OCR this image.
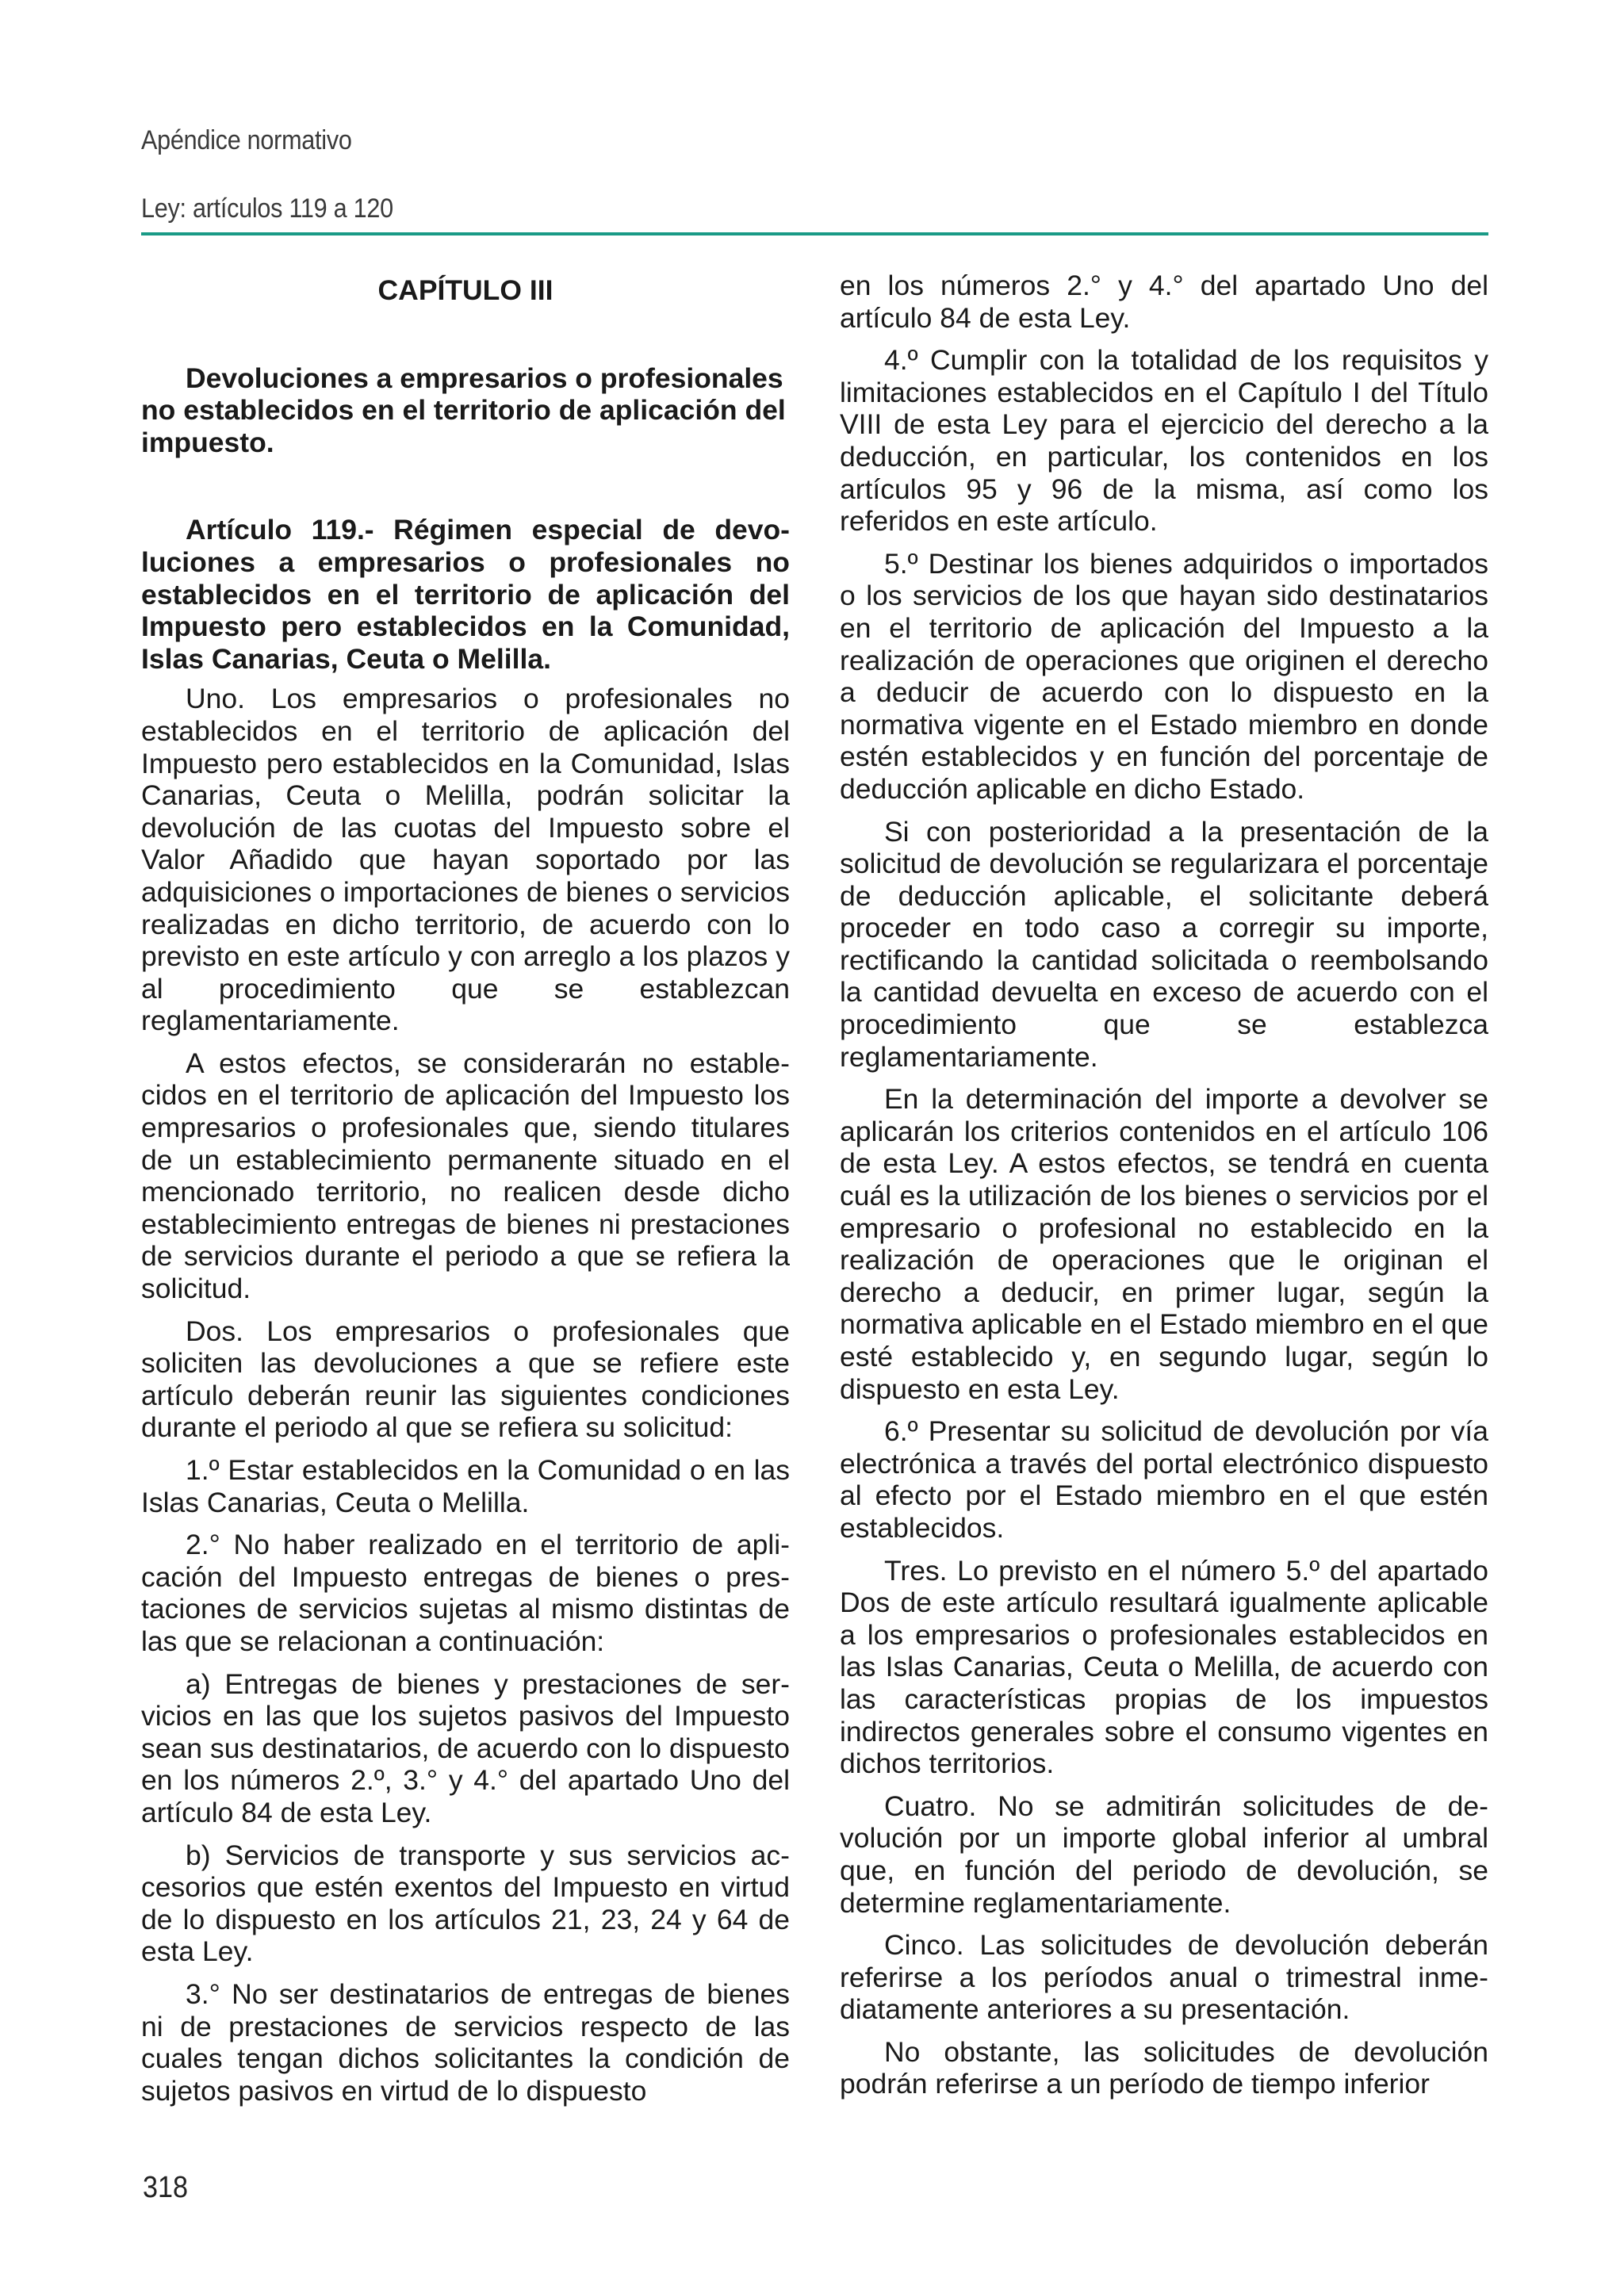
Apéndice normativo
Ley: artículos 119 a 120
CAPÍTULO III
Devoluciones a empresarios o profesionales no establecidos en el territorio de aplicación del impuesto.
Artículo 119.- Régimen especial de devoluciones a empresarios o profesionales no establecidos en el territorio de aplicación del Impuesto pero establecidos en la Comunidad, Islas Canarias, Ceuta o Melilla.

Uno. Los empresarios o profesionales no establecidos en el territorio de aplicación del Impuesto pero establecidos en la Comunidad, Islas Canarias, Ceuta o Melilla, podrán solicitar la devolución de las cuotas del Impuesto sobre el Valor Añadido que hayan soportado por las adquisiciones o importaciones de bienes o servicios realizadas en dicho territorio, de acuerdo con lo previsto en este artículo y con arreglo a los plazos y al procedimiento que se establezcan reglamentariamente.

A estos efectos, se considerarán no establecidos en el territorio de aplicación del Impuesto los empresarios o profesionales que, siendo titulares de un establecimiento permanente situado en el mencionado territorio, no realicen desde dicho establecimiento entregas de bienes ni prestaciones de servicios durante el periodo a que se refiera la solicitud.

Dos. Los empresarios o profesionales que soliciten las devoluciones a que se refiere este artículo deberán reunir las siguientes condiciones durante el periodo al que se refiera su solicitud:

1.º Estar establecidos en la Comunidad o en las Islas Canarias, Ceuta o Melilla.

2.° No haber realizado en el territorio de aplicación del Impuesto entregas de bienes o prestaciones de servicios sujetas al mismo distintas de las que se relacionan a continuación:

a) Entregas de bienes y prestaciones de servicios en las que los sujetos pasivos del Impuesto sean sus destinatarios, de acuerdo con lo dispuesto en los números 2.º, 3.° y 4.° del apartado Uno del artículo 84 de esta Ley.

b) Servicios de transporte y sus servicios accesorios que estén exentos del Impuesto en virtud de lo dispuesto en los artículos 21, 23, 24 y 64 de esta Ley.

3.° No ser destinatarios de entregas de bienes ni de prestaciones de servicios respecto de las cuales tengan dichos solicitantes la condición de sujetos pasivos en virtud de lo dispuesto

en los números 2.° y 4.° del apartado Uno del artículo 84 de esta Ley.

4.º Cumplir con la totalidad de los requisitos y limitaciones establecidos en el Capítulo I del Título VIII de esta Ley para el ejercicio del derecho a la deducción, en particular, los contenidos en los artículos 95 y 96 de la misma, así como los referidos en este artículo.

5.º Destinar los bienes adquiridos o importados o los servicios de los que hayan sido destinatarios en el territorio de aplicación del Impuesto a la realización de operaciones que originen el derecho a deducir de acuerdo con lo dispuesto en la normativa vigente en el Estado miembro en donde estén establecidos y en función del porcentaje de deducción aplicable en dicho Estado.

Si con posterioridad a la presentación de la solicitud de devolución se regularizara el porcentaje de deducción aplicable, el solicitante deberá proceder en todo caso a corregir su importe, rectificando la cantidad solicitada o reembolsando la cantidad devuelta en exceso de acuerdo con el procedimiento que se establezca reglamentariamente.

En la determinación del importe a devolver se aplicarán los criterios contenidos en el artículo 106 de esta Ley. A estos efectos, se tendrá en cuenta cuál es la utilización de los bienes o servicios por el empresario o profesional no establecido en la realización de operaciones que le originan el derecho a deducir, en primer lugar, según la normativa aplicable en el Estado miembro en el que esté establecido y, en segundo lugar, según lo dispuesto en esta Ley.

6.º Presentar su solicitud de devolución por vía electrónica a través del portal electrónico dispuesto al efecto por el Estado miembro en el que estén establecidos.

Tres. Lo previsto en el número 5.º del apartado Dos de este artículo resultará igualmente aplicable a los empresarios o profesionales establecidos en las Islas Canarias, Ceuta o Melilla, de acuerdo con las características propias de los impuestos indirectos generales sobre el consumo vigentes en dichos territorios.

Cuatro. No se admitirán solicitudes de devolución por un importe global inferior al umbral que, en función del periodo de devolución, se determine reglamentariamente.

Cinco. Las solicitudes de devolución deberán referirse a los períodos anual o trimestral inmediatamente anteriores a su presentación.

No obstante, las solicitudes de devolución podrán referirse a un período de tiempo inferior

318
